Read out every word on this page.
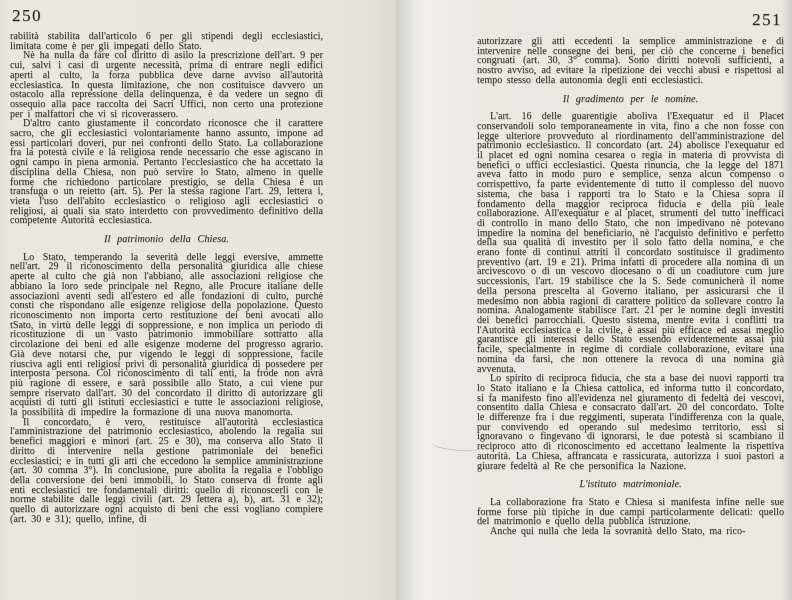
250

rabilità stabilita dall'articolo 6 per gli stipendi degli ecclesiastici, limitata come è per gli impegati dello Stato.

Nè ha nulla da fare col diritto di asilo la prescrizione dell'art. 9 per cui, salvi i casi di urgente necessità, prima di entrare negli edifici aperti al culto, la forza pubblica deve darne avviso all'autorità ecclesiastica. In questa limitazione, che non costituisce davvero un ostacolo alla repressione della delinquenza, è da vedere un segno di ossequio alla pace raccolta dei Sacri Uffici, non certo una protezione per i malfattori che vi si ricoverassero.

D'altro canto giustamente il concordato riconosce che il carattere sacro, che gli ecclesiastici volontariamente hanno assunto, impone ad essi particolari doveri, pur nei confronti dello Stato. La collaborazione fra la potestà civile e la religiosa rende necessario che esse agiscano in ogni campo in piena armonia. Pertanto l'ecclesiastico che ha accettato la disciplina della Chiesa, non può servire lo Stato, almeno in quelle forme che richiedono particolare prestigio, se della Chiesa è un transfuga o un reietto (art. 5). Per la stessa ragione l'art. 29, lettera i, vieta l'uso dell'abito ecclesiastico o religioso agli ecclesiastici o religiosi, ai quali sia stato interdetto con provvedimento definitivo della competente Autorità ecclesiastica.

Il patrimonio della Chiesa.

Lo Stato, temperando la severità delle leggi eversive, ammette nell'art. 29 il riconoscimento della personalità giuridica alle chiese aperte al culto che già non l'abbiano, alle associazioni religiose che abbiano la loro sede principale nel Regno, alle Procure italiane delle associazioni aventi sedi all'estero ed alle fondazioni di culto, purchè consti che rispondano alle esigenze religiose della popolazione. Questo riconoscimento non importa certo restituzione dei beni avocati allo tSato, in virtù delle leggi di soppressione, e non implica un periodo di ricostituzione di un vasto patrimonio immobiliare sottratto alla circolazione dei beni ed alle esigenze moderne del progresso agrario. Già deve notarsi che, pur vigendo le leggi di soppressione, facile riusciva agli enti religiosi privi di personalità giuridica di possedere per interposta persona. Col riconoscimento di tali enti, la frode non avrà più ragione di essere, e sarà possibile allo Stato, a cui viene pur sempre riservato dall'art. 30 del concordato il diritto di autorizzare gli acquisti di tutti gli istituti ecclesiastici e tutte le associazioni religiose, la possibilità di impedire la formazione di una nuova manomorta.

Il concordato, è vero, restituisce all'autorità ecclesiastica l'amministrazione del patrimonio ecclesiastico, abolendo la regalia sui benefici maggiori e minori (art. 25 e 30), ma conserva allo Stato il diritto di intervenire nella gestione patrimoniale dei benefici ecclesiastici; e in tutti gli atti che eccedono la semplice amministrazione (art. 30 comma 3°). In conclusione, pure abolita la regalia e l'obbligo della conversione dei beni immobili, lo Stato conserva di fronte agli enti ecclesiastici tre fondamentali diritti: quello di riconoscerli con le norme stabilite dalle leggi civili (art. 29 lettera a), b), art. 31 e 32); quello di autorizzare ogni acquisto di beni che essi vogliano compiere (art. 30 e 31); quello, infine, di

251

autorizzare gli atti eccedenti la semplice amministrazione e di intervenire nelle consegne dei beni, per ciò che concerne i benefici congruati (art. 30, 3° comma). Sono diritti notevoli sufficienti, a nostro avviso, ad evitare la ripetizione dei vecchi abusi e rispettosi al tempo stesso della autonomia degli enti ecclesiastici.

Il gradimento per le nomine.

L'art. 16 delle guarentigie aboliva l'Exequatur ed il Placet conservandoli solo temporaneamente in vita, fino a che non fosse con legge ulteriore provveduto al riordinamento dell'amministrazione del patrimonio ecclesiastico. Il concordato (art. 24) abolisce l'exequatur ed il placet ed ogni nomina cesarea o regia in materia di provvista di benefici o uffici ecclesiastici. Questa rinuncia, che la legge del 1871 aveva fatto in modo puro e semplice, senza alcun compenso o corrispettivo, fa parte evidentemente di tutto il complesso del nuovo sistema, che basa i rapporti tra lo Stato e la Chiesa sopra il fondamento della maggior reciproca fiducia e della più leale collaborazione. All'exequatur e al placet, strumenti del tutto inefficaci di controllo in mano dello Stato, che non impedivano nè potevano impedire la nomina del beneficiario, nè l'acquisto definitivo e perfetto della sua qualità di investito per il solo fatto della nomina, e che erano fonte di continui attriti il concordato sostituisce il gradimento preventivo (art. 19 e 21). Prima infatti di procedere alla nomina di un arcivescovo o di un vescovo diocesano o di un coadiutore cum jure successionis, l'art. 19 stabilisce che la S. Sede comunicherà il nome della persona prescelta al Governo italiano, per assicurarsi che il medesimo non abbia ragioni di carattere politico da sollevare contro la nomina. Analogamente stabilisce l'art. 21 per le nomine degli investiti dei benefici parrocchiali. Questo sistema, mentre evita i conflitti tra l'Autorità ecclesiastica e la civile, è assai più efficace ed assai meglio garantisce gli interessi dello Stato essendo evidentemente assai più facile, specialmente in regime di cordiale collaborazione, evitare una nomina da farsi, che non ottenere la revoca di una nomina già avvenuta.

Lo spirito di reciproca fiducia, che sta a base dei nuovi rapporti tra lo Stato italiano e la Chiesa cattolica, ed informa tutto il concordato, si fa manifesto fino all'evidenza nel giuramento di fedeltà dei vescovi, consentito dalla Chiesa e consacrato dall'art. 20 del concordato. Tolte le differenze fra i due reggimenti, superata l'indifferenza con la quale, pur convivendo ed operando sul medesimo territorio, essi si ignoravano o fingevano di ignorarsi, le due potestà si scambiano il reciproco atto di riconoscimento ed accettano lealmente la rispettiva autorità. La Chiesa, affrancata e rassicurata, autorizza i suoi pastori a giurare fedeltà al Re che personifica la Nazione.

L'istituto matrimoniale.

La collaborazione fra Stato e Chiesa si manifesta infine nelle sue forme forse più tipiche in due campi particolarmente delicati: quello del matrimonio e quello della pubblica istruzione.

Anche qui nulla che leda la sovranità dello Stato, ma rico-
